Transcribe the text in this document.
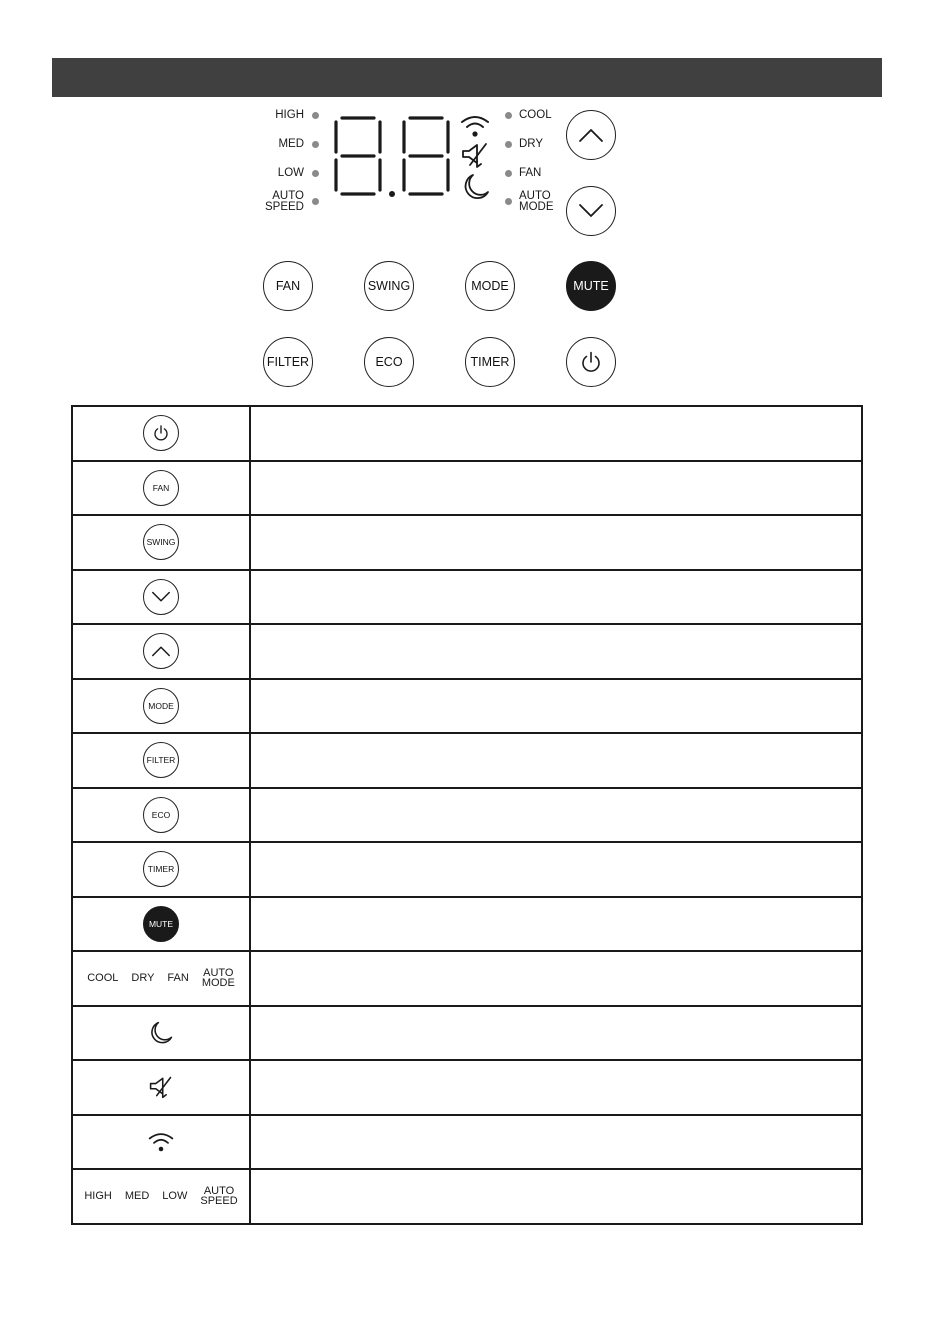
HIGH
MED
LOW
AUTO
SPEED
COOL
DRY
FAN
AUTO
MODE
FAN	SWING	MODE	MUTE
FILTER	ECO	TIMER

FAN	
SWING	

MODE	
FILTER	
ECO	
TIMER	
MUTE	

COOL DRY FAN AUTO
MODE	

HIGH MED LOW AUTO
SPEED	
